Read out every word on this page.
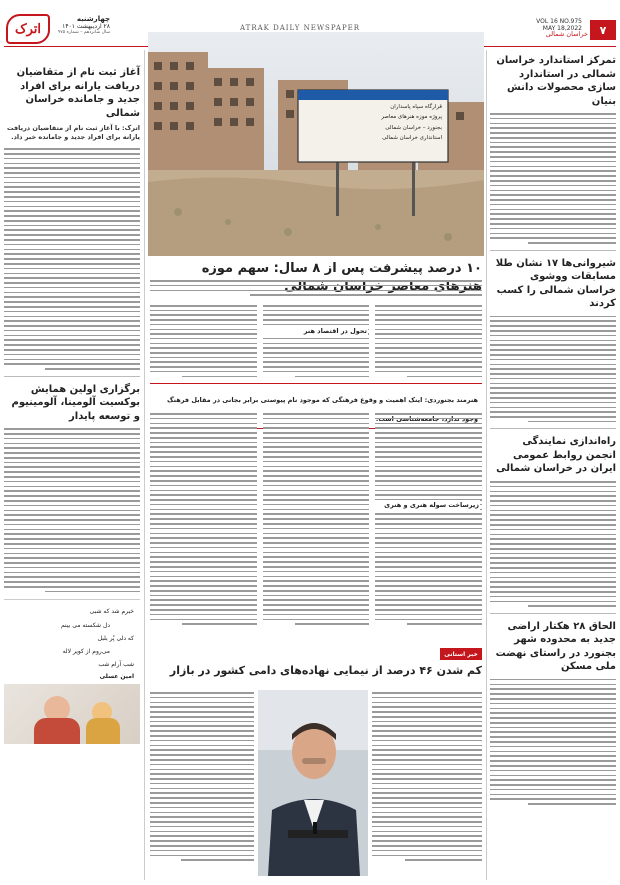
اترک
چهارشنبه
۲۸ اردیبهشت ۱۴۰۱
سال شانزدهم – شماره ۹۷۵
ATRAK DAILY NEWSPAPER
VOL 16 NO.975
MAY 18,2022 ۷
خراسان شمالی
تمرکز استاندارد خراسان شمالی در استاندارد سازی محصولات دانش بنیان
شیروانی‌ها ۱۷ نشان طلا مسابقات ووشوی خراسان شمالی را کسب کردند
راه‌اندازی نمایندگی انجمن روابط عمومی ایران در خراسان شمالی
الحاق ۲۸ هکتار اراضی جدید به محدوده شهر بجنورد در راستای نهضت ملی مسکن
آغاز ثبت نام از متقاضیان دریافت یارانه برای افراد جدید و جامانده خراسان شمالی
اترک: با آغاز ثبت نام از متقاضیان دریافت یارانه برای افراد جدید و جامانده خبر داد.
برگزاری اولین همایش بوکسیت آلومینا، آلومینیوم و توسعه پایدار
خبرم شد که شبی
دل شکسته می بینم
که دلی پُر بلبل
می‌روم از کویر لاله
شب آرام شب
امین عسلی
قرارگاه سپاه پاسداران
پروژه موزه هنرهای معاصر
بجنورد – خراسان شمالی
استانداری خراسان شمالی
۱۰ درصد پیشرفت پس از ۸ سال: سهم موزه
تحول در اقتصاد هنر
هنرمند بجنوردی: اینک اهمیت و وقوع فرهنگی که موجود نام پیوستی برابر بجانی در مقابل فرهنگ
زیرساخت سوله هنری و هنری
خبر استانی
کم شدن ۴۶ درصد از نیمایی نهاده‌های دامی کشور در بازار
